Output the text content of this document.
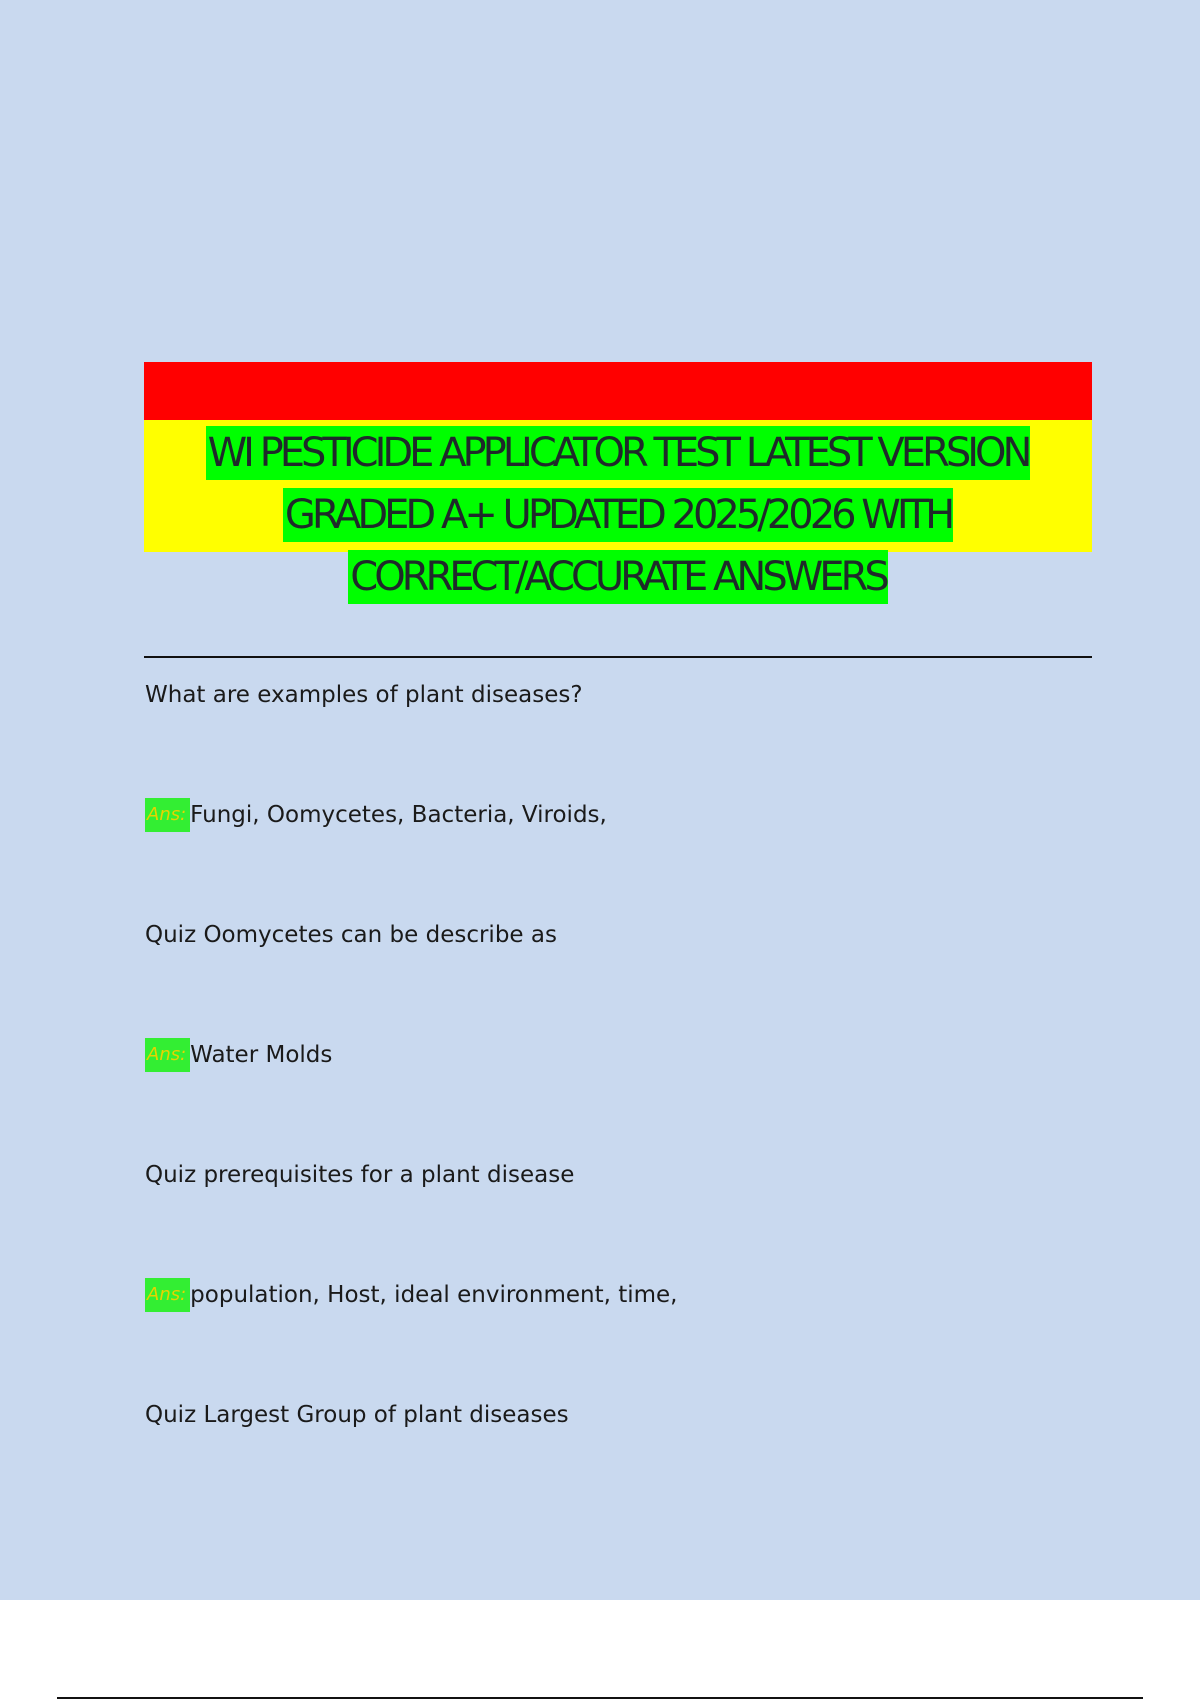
WI PESTICIDE APPLICATOR TEST LATEST VERSION
GRADED A+ UPDATED 2025/2026 WITH
CORRECT/ACCURATE ANSWERS
What are examples of plant diseases?
Ans: Fungi, Oomycetes, Bacteria, Viroids,
Quiz Oomycetes can be describe as
Ans: Water Molds
Quiz prerequisites for a plant disease
Ans: population, Host, ideal environment, time,
Quiz Largest Group of plant diseases
